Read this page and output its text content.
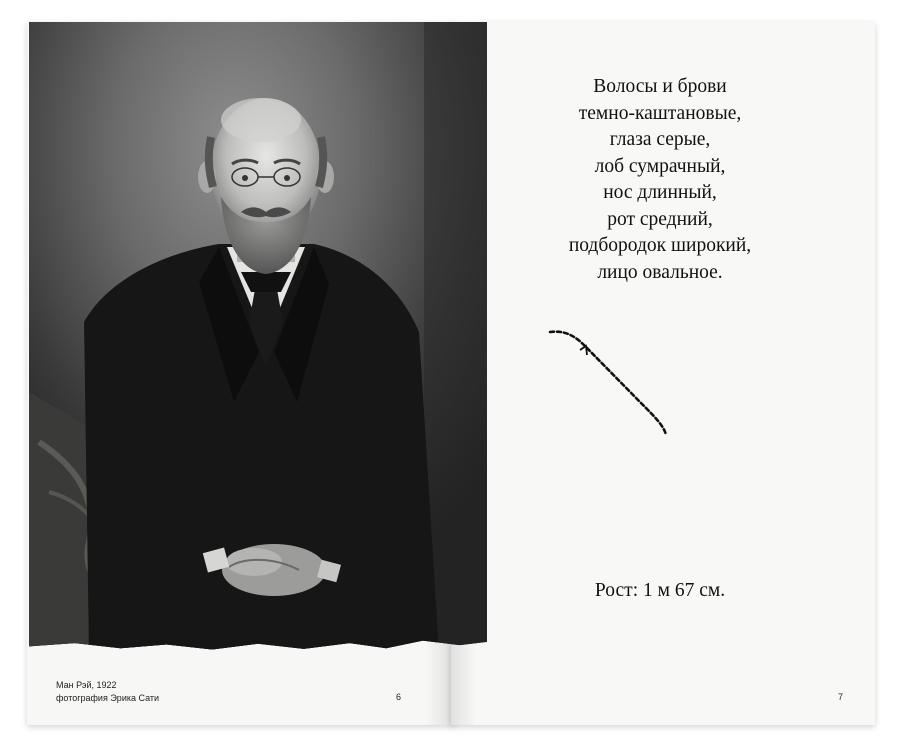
Ман Рэй, 1922
фотография Эрика Сати	6
Волосы и брови
темно-каштановые,
глаза серые,
лоб сумрачный,
нос длинный,
рот средний,
подбородок широкий,
лицо овальное.
Рост: 1 м 67 см.
7
